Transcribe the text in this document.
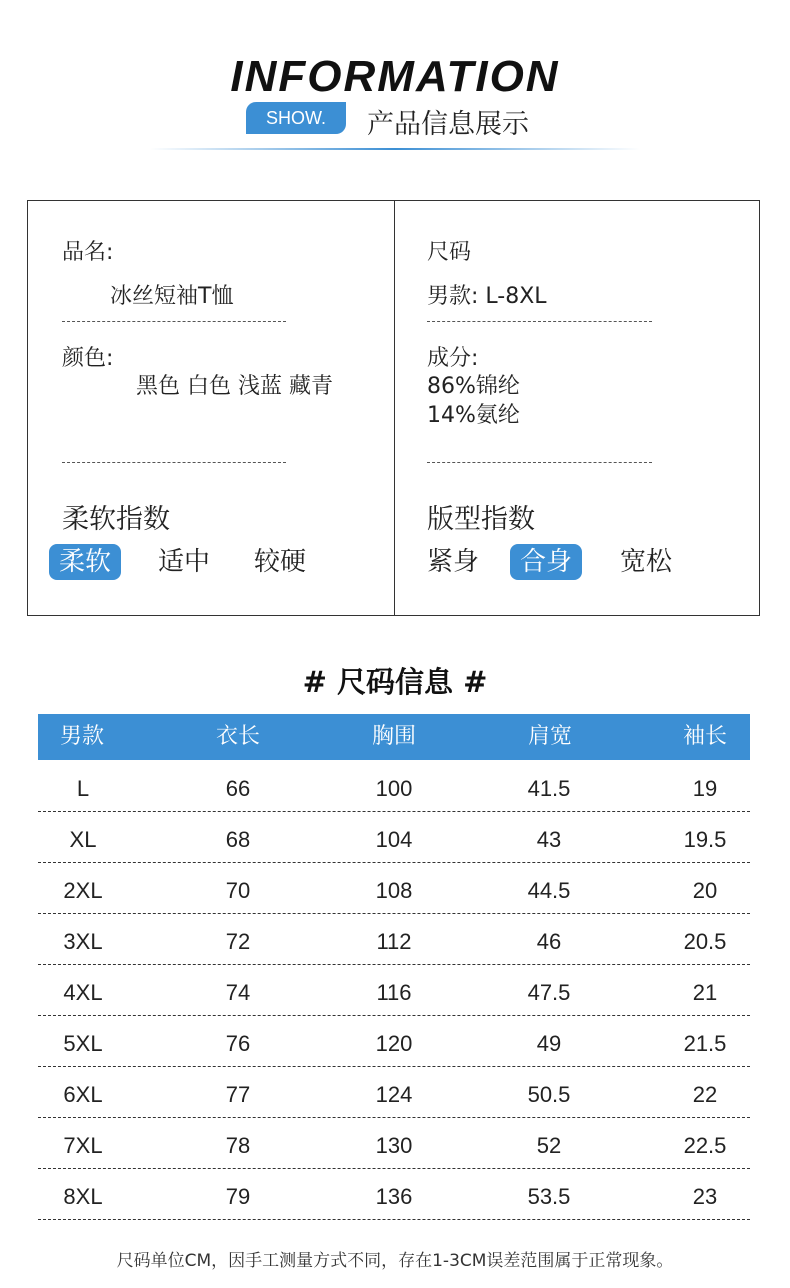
INFORMATION
SHOW.	产品信息展示
品名:
冰丝短袖T恤
颜色:
黑色 白色 浅蓝 藏青
柔软指数
柔软	适中	较硬
尺码
男款: L-8XL
成分:
86%锦纶
14%氨纶
版型指数
紧身	合身	宽松
# 尺码信息 #
男款	衣长	胸围	肩宽	袖长
L	66	100	41.5	19
XL	68	104	43	19.5
2XL	70	108	44.5	20
3XL	72	112	46	20.5
4XL	74	116	47.5	21
5XL	76	120	49	21.5
6XL	77	124	50.5	22
7XL	78	130	52	22.5
8XL	79	136	53.5	23
尺码单位CM，因手工测量方式不同，存在1-3CM误差范围属于正常现象。
